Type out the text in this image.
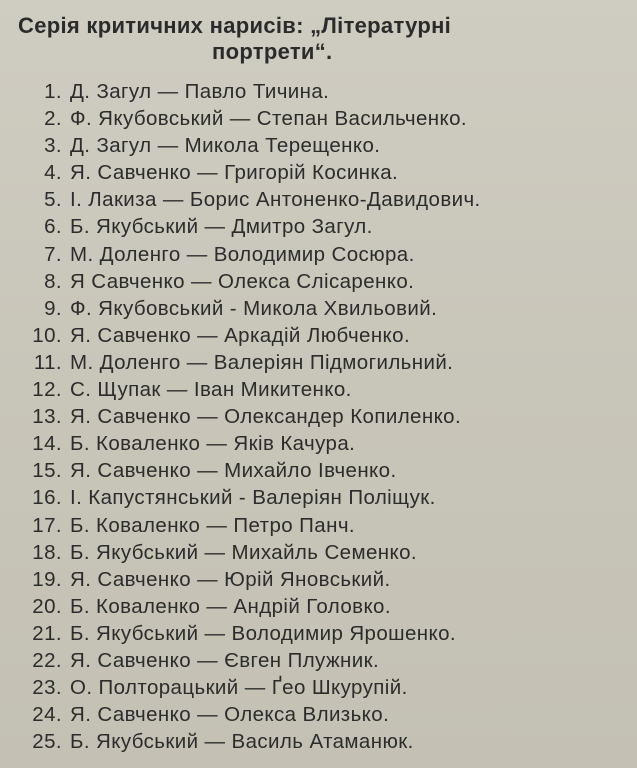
Серія критичних нарисів: „Літературні
портрети“.
1. Д. Загул — Павло Тичина.
2. Ф. Якубовський — Степан Васильченко.
3. Д. Загул — Микола Терещенко.
4. Я. Савченко — Григорій Косинка.
5. І. Лакиза — Борис Антоненко-Давидович.
6. Б. Якубський — Дмитро Загул.
7. М. Доленго — Володимир Сосюра.
8. Я Савченко — Олекса Слісаренко.
9. Ф. Якубовський - Микола Хвильовий.
10. Я. Савченко — Аркадій Любченко.
11. М. Доленго — Валеріян Підмогильний.
12. С. Щупак — Іван Микитенко.
13. Я. Савченко — Олександер Копиленко.
14. Б. Коваленко — Яків Качура.
15. Я. Савченко — Михайло Івченко.
16. І. Капустянський - Валеріян Поліщук.
17. Б. Коваленко — Петро Панч.
18. Б. Якубський — Михайль Семенко.
19. Я. Савченко — Юрій Яновський.
20. Б. Коваленко — Андрій Головко.
21. Б. Якубський — Володимир Ярошенко.
22. Я. Савченко — Євген Плужник.
23. О. Полторацький — Ґео Шкурупій.
24. Я. Савченко — Олекса Влизько.
25. Б. Якубський — Василь Атаманюк.
